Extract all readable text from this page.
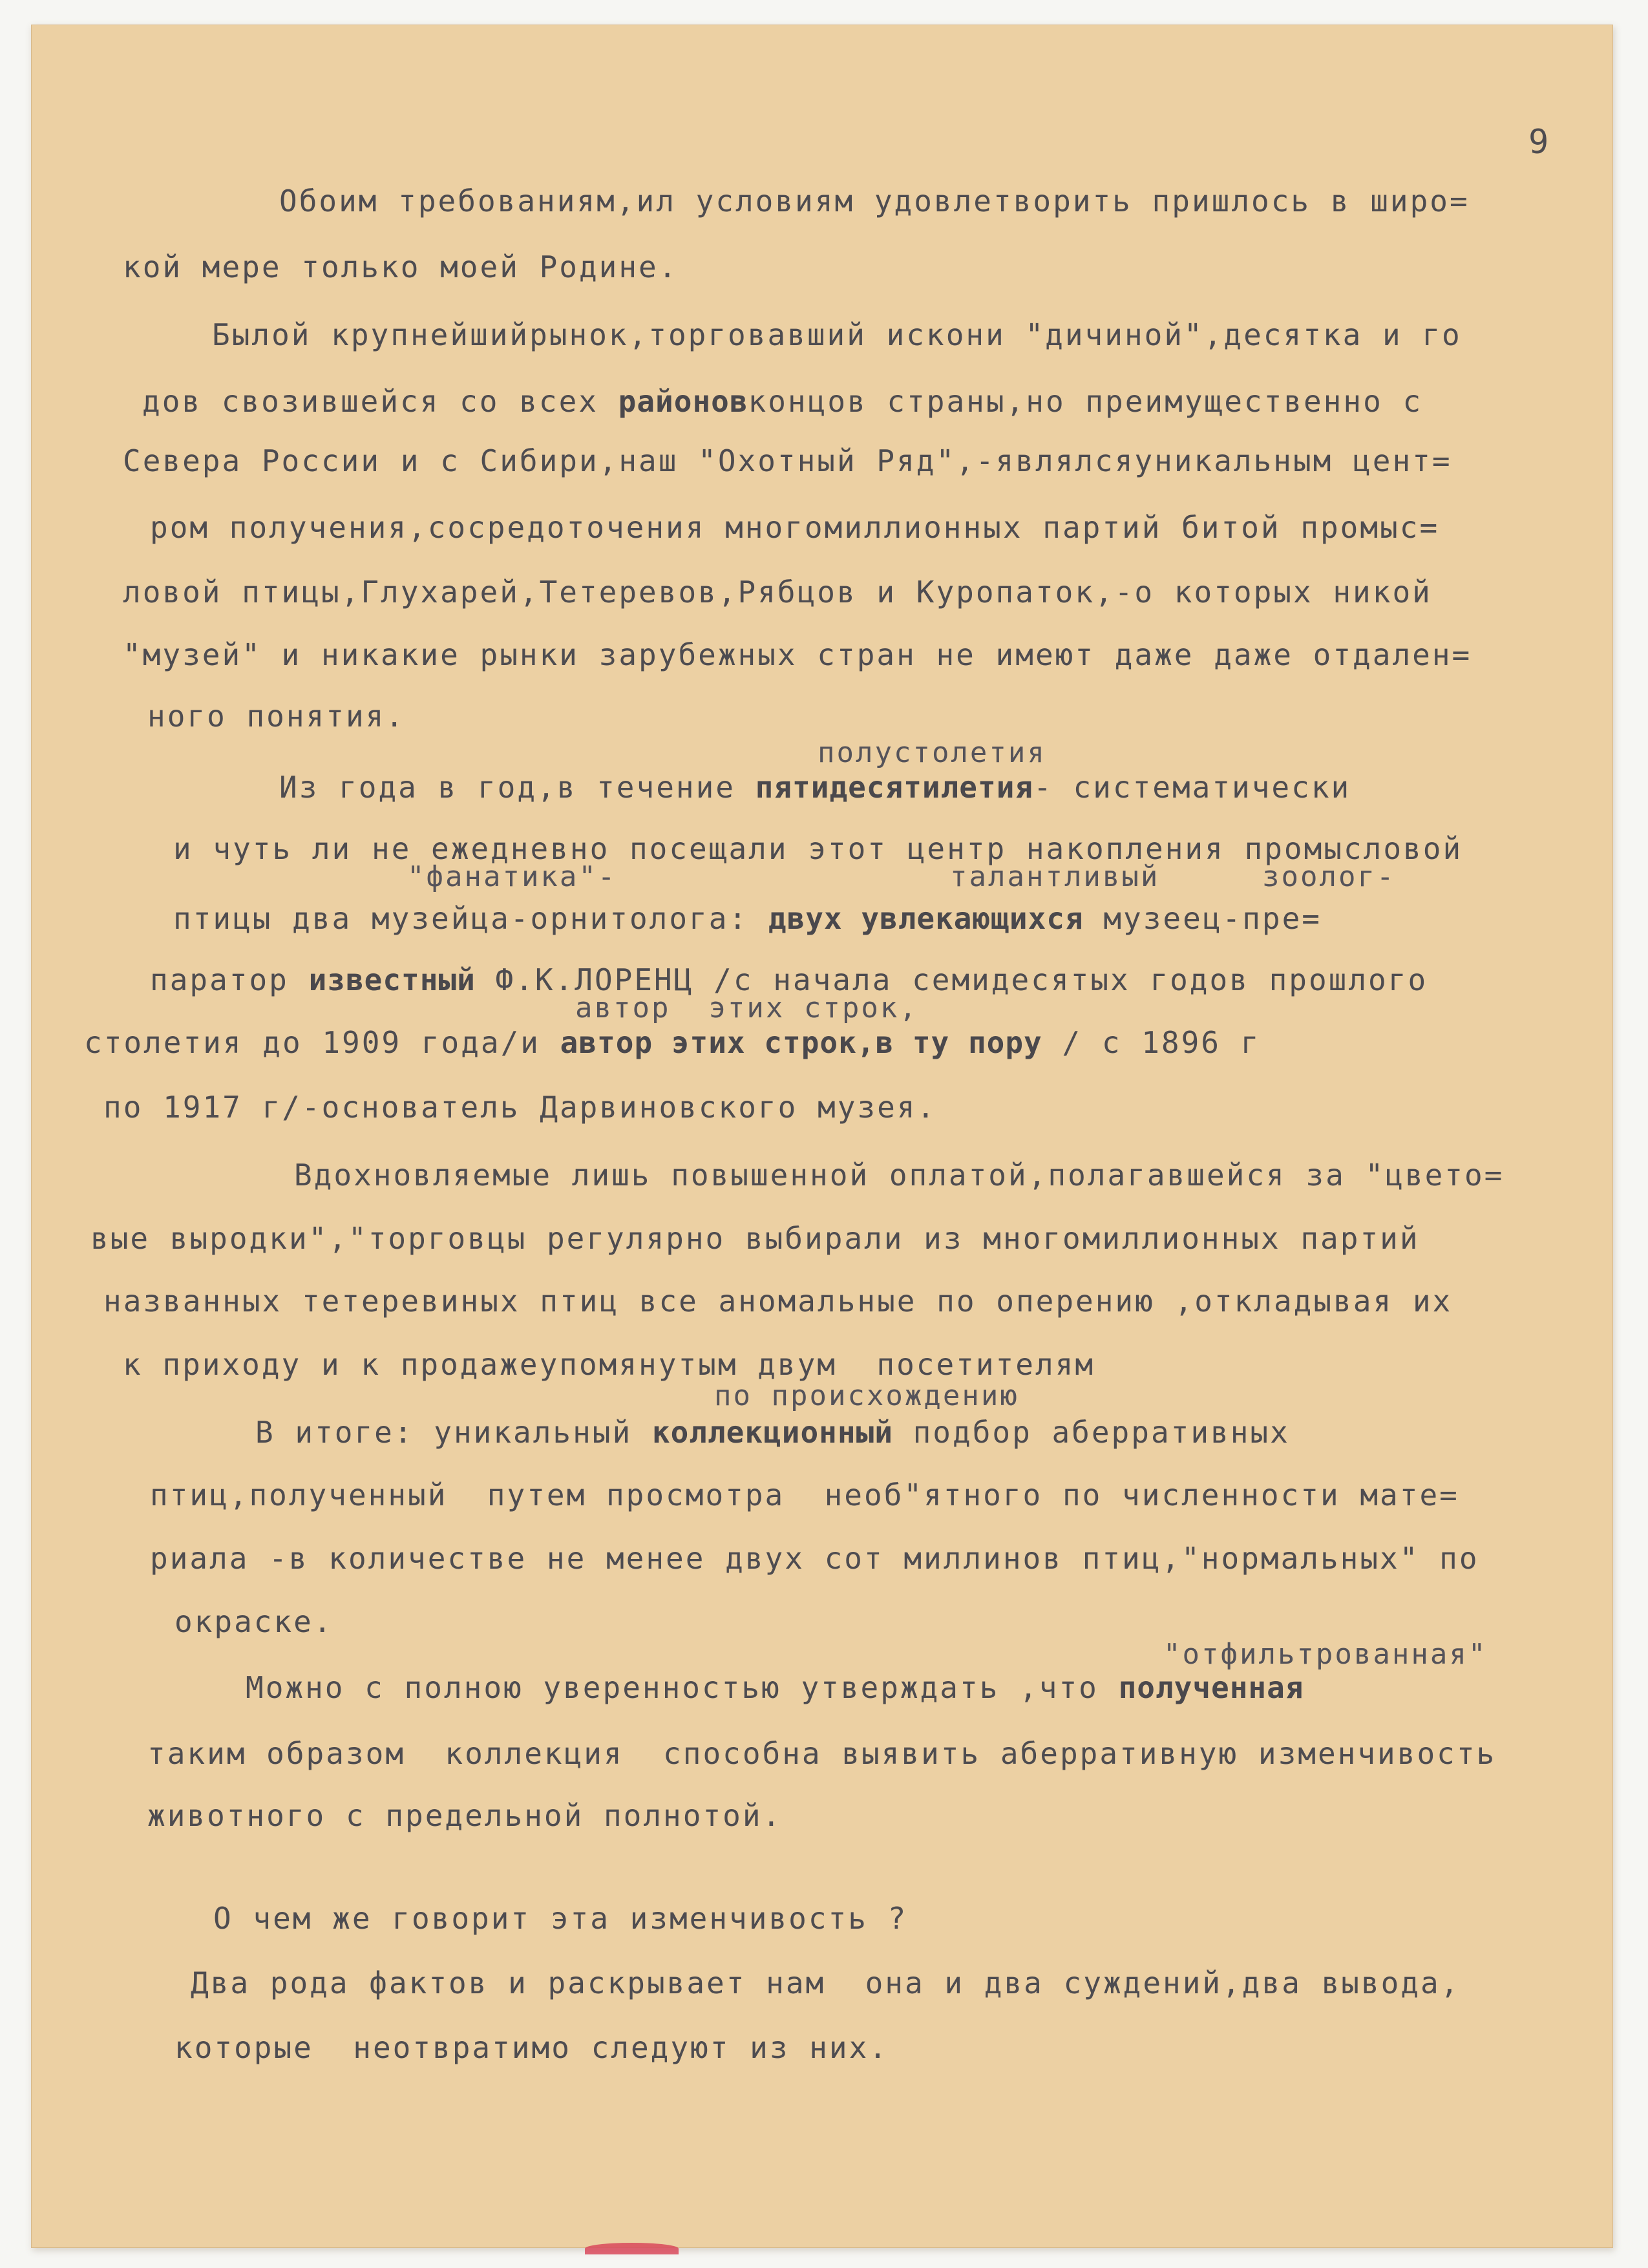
9
Обоим требованиям,ил условиям удовлетворить пришлось в широ=
кой мере только моей Родине.
Былой крупнейшийрынок,торговавший искони "дичиной",десятка и го
дов свозившейся со всех районовконцов страны,но преимущественно с
Севера России и с Сибири,наш "Охотный Ряд",-являлсяуникальным цент=
ром получения,сосредоточения многомиллионных партий битой промыс=
ловой птицы,Глухарей,Тетеревов,Рябцов и Куропаток,-о которых никой
"музей" и никакие рынки зарубежных стран не имеют даже даже отдален=
ного понятия.
полустолетия
Из года в год,в течение пятидесятилетия- систематически
и чуть ли не ежедневно посещали этот центр накопления промысловой
"фанатика"-	талантливый	зоолог-
птицы два музейца-орнитолога: двух увлекающихся музеец-пре=
паратор известный Ф.К.ЛОРЕНЦ /с начала семидесятых годов прошлого
автор  этих строк,
столетия до 1909 года/и автор этих строк,в ту пору / с 1896 г
по 1917 г/-основатель Дарвиновского музея.
Вдохновляемые лишь повышенной оплатой,полагавшейся за "цвето=
вые выродки","торговцы регулярно выбирали из многомиллионных партий
названных тетеревиных птиц все аномальные по оперению ,откладывая их
к приходу и к продажеупомянутым двум  посетителям
по происхождению
В итоге: уникальный коллекционный подбор аберративных
птиц,полученный  путем просмотра  необ"ятного по численности мате=
риала -в количестве не менее двух сот миллинов птиц,"нормальных" по
окраске.
"отфильтрованная"
Можно с полною уверенностью утверждать ,что полученная
таким образом  коллекция  способна выявить аберративную изменчивость
животного с предельной полнотой.
О чем же говорит эта изменчивость ?
Два рода фактов и раскрывает нам  она и два суждений,два вывода,
которые  неотвратимо следуют из них.
